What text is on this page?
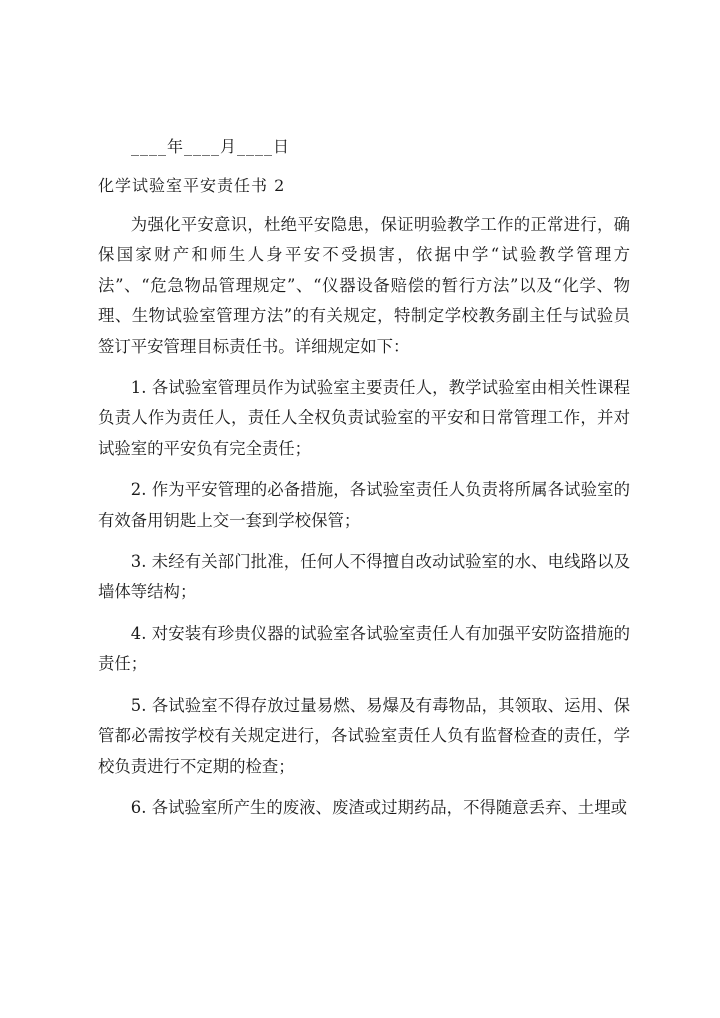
____年____月____日
化学试验室平安责任书 2

为强化平安意识，杜绝平安隐患，保证明验教学工作的正常进行，确保国家财产和师生人身平安不受损害，依据中学“试验教学管理方法”、“危急物品管理规定”、“仪器设备赔偿的暂行方法”以及“化学、物理、生物试验室管理方法”的有关规定，特制定学校教务副主任与试验员签订平安管理目标责任书。详细规定如下：

1. 各试验室管理员作为试验室主要责任人，教学试验室由相关性课程负责人作为责任人，责任人全权负责试验室的平安和日常管理工作，并对试验室的平安负有完全责任；

2. 作为平安管理的必备措施，各试验室责任人负责将所属各试验室的有效备用钥匙上交一套到学校保管；

3. 未经有关部门批准，任何人不得擅自改动试验室的水、电线路以及墙体等结构；

4. 对安装有珍贵仪器的试验室各试验室责任人有加强平安防盗措施的责任；

5. 各试验室不得存放过量易燃、易爆及有毒物品，其领取、运用、保管都必需按学校有关规定进行，各试验室责任人负有监督检查的责任，学校负责进行不定期的检查；

6. 各试验室所产生的废液、废渣或过期药品，不得随意丢弃、土埋或
